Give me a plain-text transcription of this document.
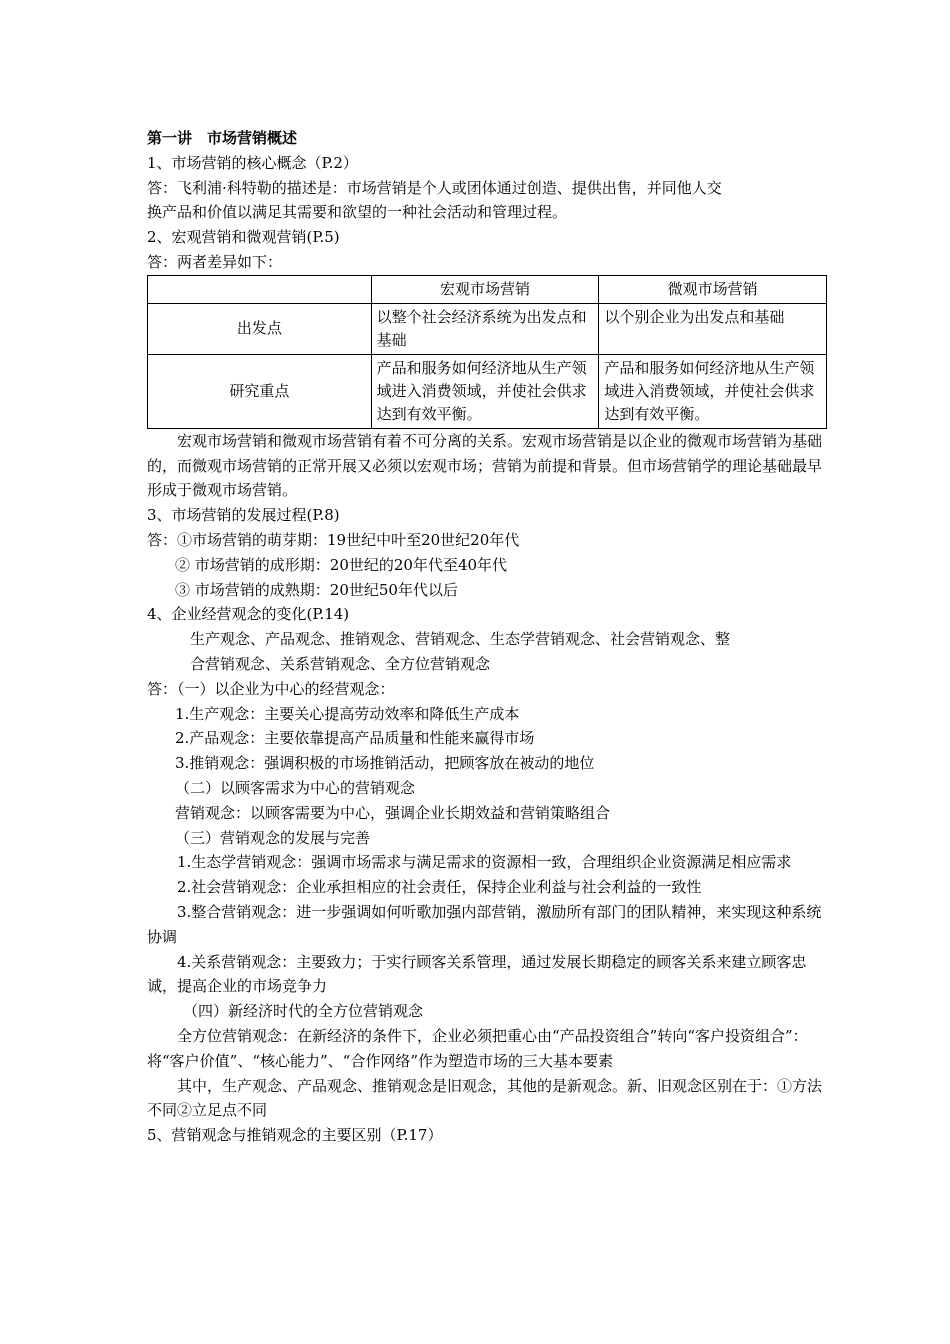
第一讲　市场营销概述

1、市场营销的核心概念（P.2）

答：飞利浦·科特勒的描述是：市场营销是个人或团体通过创造、提供出售，并同他人交

换产品和价值以满足其需要和欲望的一种社会活动和管理过程。

2、宏观营销和微观营销(P.5)

答：两者差异如下：

	宏观市场营销	微观市场营销
出发点	以整个社会经济系统为出发点和基础	以个别企业为出发点和基础
研究重点	产品和服务如何经济地从生产领域进入消费领域，并使社会供求达到有效平衡。	产品和服务如何经济地从生产领域进入消费领域，并使社会供求达到有效平衡。

宏观市场营销和微观市场营销有着不可分离的关系。宏观市场营销是以企业的微观市场营销为基础的，而微观市场营销的正常开展又必须以宏观市场；营销为前提和背景。但市场营销学的理论基础最早形成于微观市场营销。

3、市场营销的发展过程(P.8)

答：①市场营销的萌芽期：19世纪中叶至20世纪20年代

② 市场营销的成形期：20世纪的20年代至40年代

③ 市场营销的成熟期：20世纪50年代以后

4、企业经营观念的变化(P.14)

生产观念、产品观念、推销观念、营销观念、生态学营销观念、社会营销观念、整

合营销观念、关系营销观念、全方位营销观念

答：（一）以企业为中心的经营观念：

1.生产观念：主要关心提高劳动效率和降低生产成本

2.产品观念：主要依靠提高产品质量和性能来赢得市场

3.推销观念：强调积极的市场推销活动，把顾客放在被动的地位

（二）以顾客需求为中心的营销观念

营销观念：以顾客需要为中心，强调企业长期效益和营销策略组合

（三）营销观念的发展与完善

1.生态学营销观念：强调市场需求与满足需求的资源相一致，合理组织企业资源满足相应需求

2.社会营销观念：企业承担相应的社会责任，保持企业利益与社会利益的一致性

3.整合营销观念：进一步强调如何听歌加强内部营销，激励所有部门的团队精神，来实现这种系统协调

4.关系营销观念：主要致力；于实行顾客关系管理，通过发展长期稳定的顾客关系来建立顾客忠诚，提高企业的市场竞争力

（四）新经济时代的全方位营销观念

全方位营销观念：在新经济的条件下，企业必须把重心由“产品投资组合”转向“客户投资组合”：将“客户价值”、“核心能力”、“合作网络”作为塑造市场的三大基本要素

其中，生产观念、产品观念、推销观念是旧观念，其他的是新观念。新、旧观念区别在于：①方法不同②立足点不同

5、营销观念与推销观念的主要区别（P.17）
